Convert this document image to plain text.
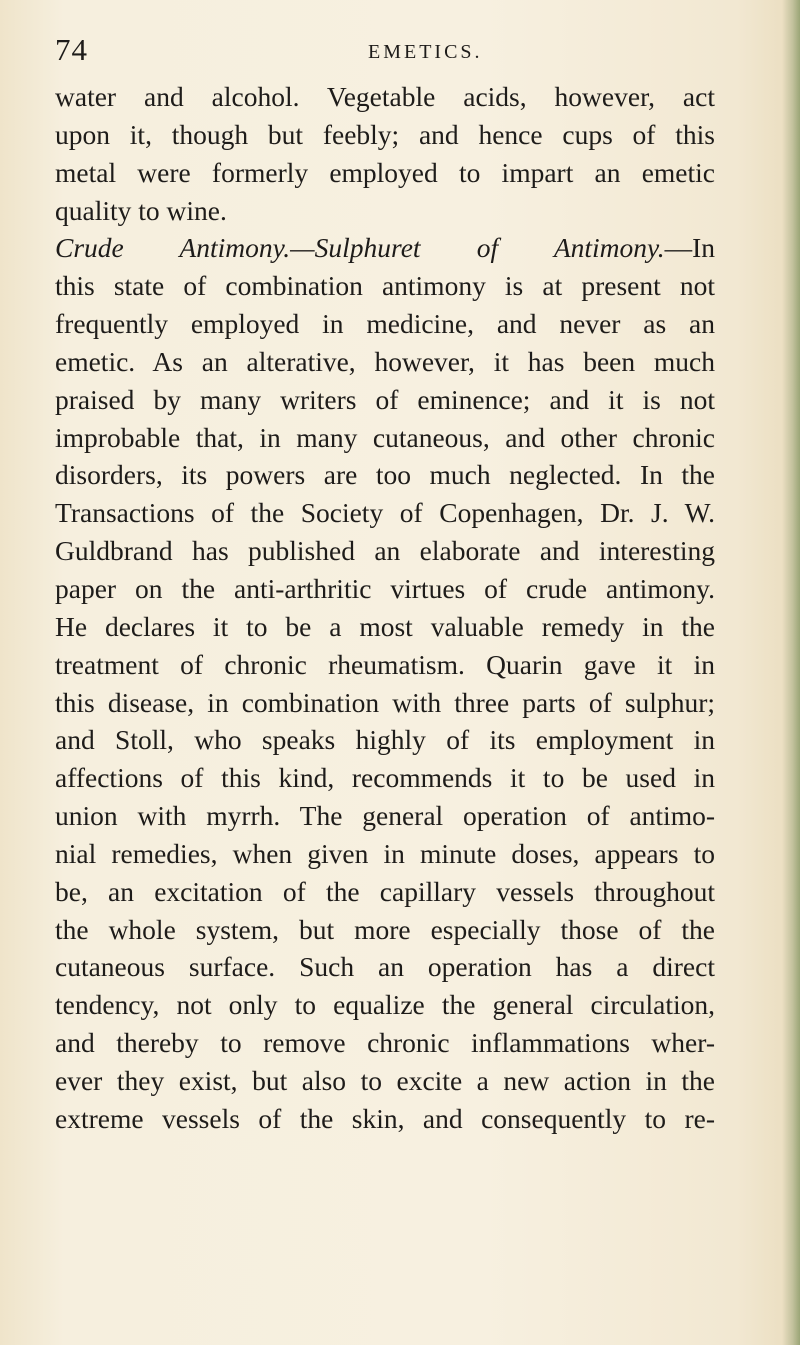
74	EMETICS.
water and alcohol. Vegetable acids, however, act
upon it, though but feebly; and hence cups of this
metal were formerly employed to impart an emetic
quality to wine.
Crude Antimony.—Sulphuret of Antimony.—In
this state of combination antimony is at present not
frequently employed in medicine, and never as an
emetic. As an alterative, however, it has been much
praised by many writers of eminence; and it is not
improbable that, in many cutaneous, and other chronic
disorders, its powers are too much neglected. In the
Transactions of the Society of Copenhagen, Dr. J. W.
Guldbrand has published an elaborate and interesting
paper on the anti-arthritic virtues of crude antimony.
He declares it to be a most valuable remedy in the
treatment of chronic rheumatism. Quarin gave it in
this disease, in combination with three parts of sulphur;
and Stoll, who speaks highly of its employment in
affections of this kind, recommends it to be used in
union with myrrh. The general operation of antimo-
nial remedies, when given in minute doses, appears to
be, an excitation of the capillary vessels throughout
the whole system, but more especially those of the
cutaneous surface. Such an operation has a direct
tendency, not only to equalize the general circulation,
and thereby to remove chronic inflammations wher-
ever they exist, but also to excite a new action in the
extreme vessels of the skin, and consequently to re-
